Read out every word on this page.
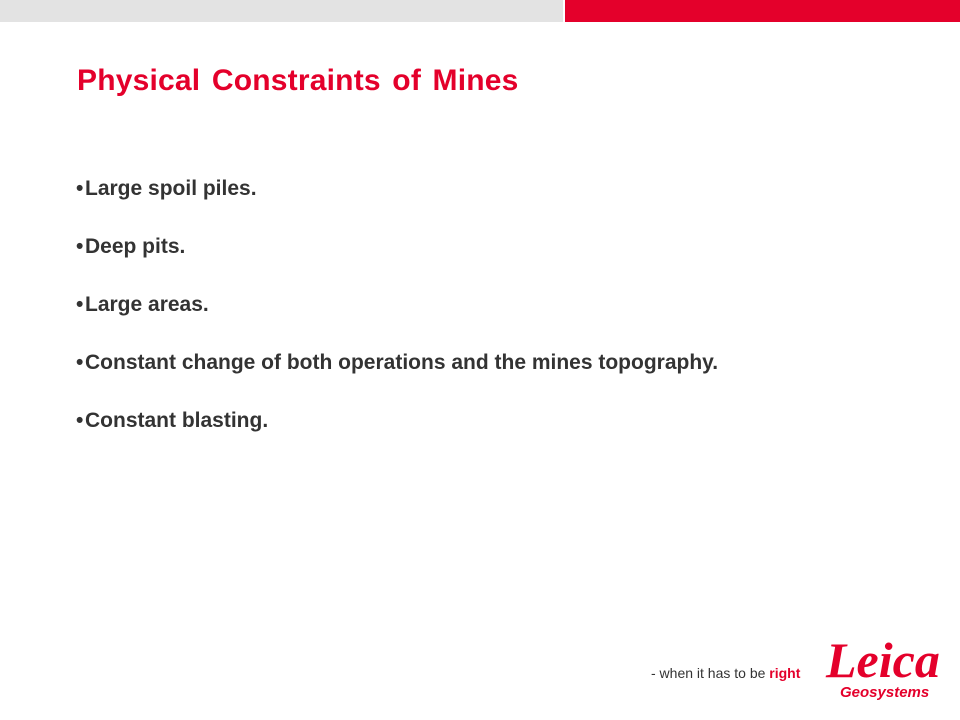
Physical Constraints of Mines
•Large spoil piles.
•Deep pits.
•Large areas.
•Constant change of both operations and the mines topography.
•Constant blasting.
- when it has to be right Leica
Geosystems
